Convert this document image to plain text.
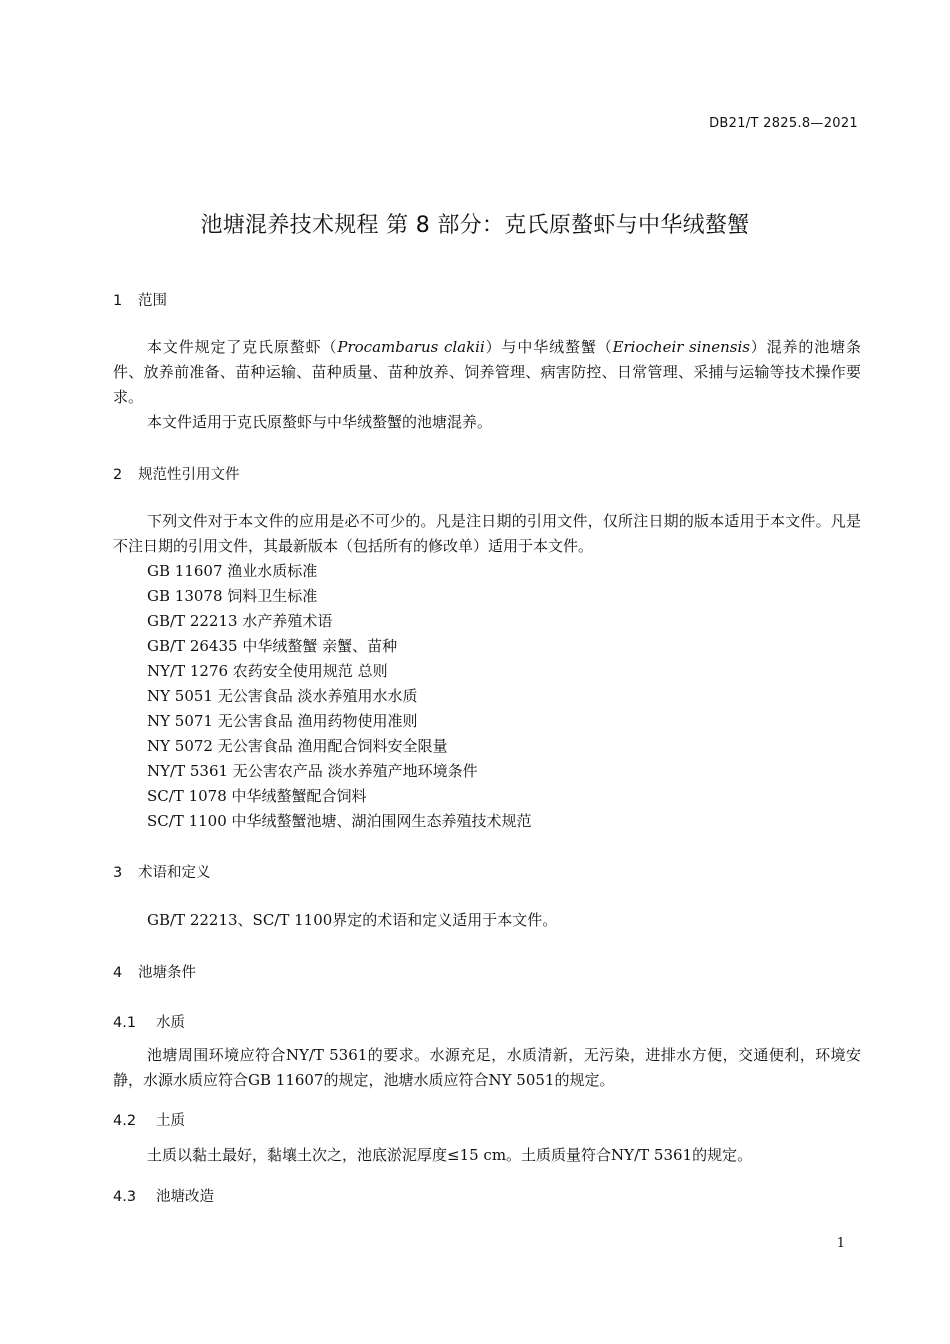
DB21/T 2825.8—2021
池塘混养技术规程 第 8 部分：克氏原螯虾与中华绒螯蟹
1 范围
本文件规定了克氏原螯虾（Procambarus clakii）与中华绒螯蟹（Eriocheir sinensis）混养的池塘条件、放养前准备、苗种运输、苗种质量、苗种放养、饲养管理、病害防控、日常管理、采捕与运输等技术操作要求。
本文件适用于克氏原螯虾与中华绒螯蟹的池塘混养。
2 规范性引用文件
下列文件对于本文件的应用是必不可少的。凡是注日期的引用文件，仅所注日期的版本适用于本文件。凡是不注日期的引用文件，其最新版本（包括所有的修改单）适用于本文件。
GB 11607 渔业水质标准
GB 13078 饲料卫生标准
GB/T 22213 水产养殖术语
GB/T 26435 中华绒螯蟹 亲蟹、苗种
NY/T 1276 农药安全使用规范 总则
NY 5051 无公害食品 淡水养殖用水水质
NY 5071 无公害食品 渔用药物使用准则
NY 5072 无公害食品 渔用配合饲料安全限量
NY/T 5361 无公害农产品 淡水养殖产地环境条件
SC/T 1078 中华绒螯蟹配合饲料
SC/T 1100 中华绒螯蟹池塘、湖泊围网生态养殖技术规范
3 术语和定义
GB/T 22213、SC/T 1100界定的术语和定义适用于本文件。
4 池塘条件
4.1 水质
池塘周围环境应符合NY/T 5361的要求。水源充足，水质清新，无污染，进排水方便，交通便利，环境安静，水源水质应符合GB 11607的规定，池塘水质应符合NY 5051的规定。
4.2 土质
土质以黏土最好，黏壤土次之，池底淤泥厚度≤15 cm。土质质量符合NY/T 5361的规定。
4.3 池塘改造
1
